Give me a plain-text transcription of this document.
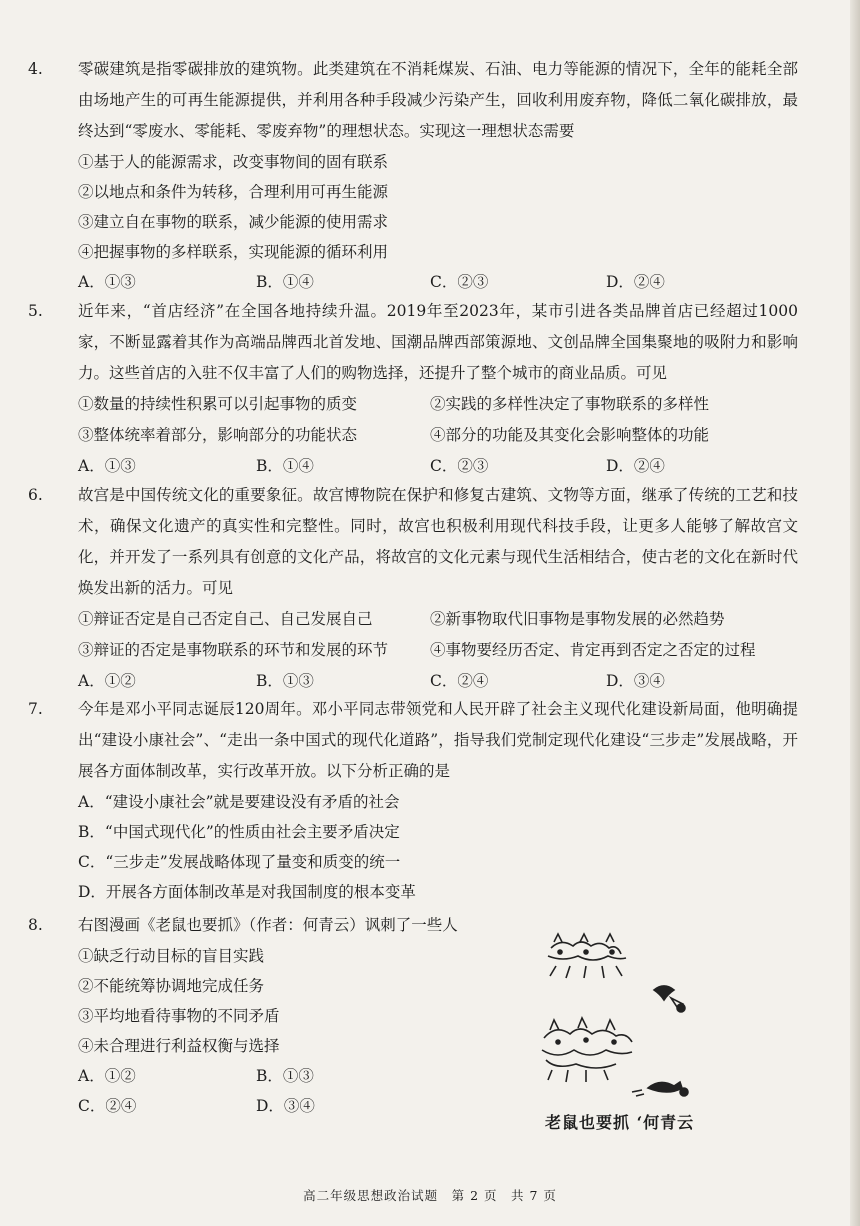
4.	零碳建筑是指零碳排放的建筑物。此类建筑在不消耗煤炭、石油、电力等能源的情况下，全年的能耗全部由场地产生的可再生能源提供，并利用各种手段减少污染产生，回收利用废弃物，降低二氧化碳排放，最终达到“零废水、零能耗、零废弃物”的理想状态。实现这一理想状态需要
①基于人的能源需求，改变事物间的固有联系
②以地点和条件为转移，合理利用可再生能源
③建立自在事物的联系，减少能源的使用需求
④把握事物的多样联系，实现能源的循环利用
A．①③	B．①④	C．②③	D．②④
5.	近年来，“首店经济”在全国各地持续升温。2019年至2023年，某市引进各类品牌首店已经超过1000家，不断显露着其作为高端品牌西北首发地、国潮品牌西部策源地、文创品牌全国集聚地的吸附力和影响力。这些首店的入驻不仅丰富了人们的购物选择，还提升了整个城市的商业品质。可见
①数量的持续性积累可以引起事物的质变	②实践的多样性决定了事物联系的多样性
③整体统率着部分，影响部分的功能状态	④部分的功能及其变化会影响整体的功能
A．①③	B．①④	C．②③	D．②④
6.	故宫是中国传统文化的重要象征。故宫博物院在保护和修复古建筑、文物等方面，继承了传统的工艺和技术，确保文化遗产的真实性和完整性。同时，故宫也积极利用现代科技手段，让更多人能够了解故宫文化，并开发了一系列具有创意的文化产品，将故宫的文化元素与现代生活相结合，使古老的文化在新时代焕发出新的活力。可见
①辩证否定是自己否定自己、自己发展自己	②新事物取代旧事物是事物发展的必然趋势
③辩证的否定是事物联系的环节和发展的环节	④事物要经历否定、肯定再到否定之否定的过程
A．①②	B．①③	C．②④	D．③④
7.	今年是邓小平同志诞辰120周年。邓小平同志带领党和人民开辟了社会主义现代化建设新局面，他明确提出“建设小康社会”、“走出一条中国式的现代化道路”，指导我们党制定现代化建设“三步走”发展战略，开展各方面体制改革，实行改革开放。以下分析正确的是
A．“建设小康社会”就是要建设没有矛盾的社会
B．“中国式现代化”的性质由社会主要矛盾决定
C．“三步走”发展战略体现了量变和质变的统一
D．开展各方面体制改革是对我国制度的根本变革
8.	右图漫画《老鼠也要抓》（作者：何青云）讽刺了一些人
①缺乏行动目标的盲目实践
②不能统筹协调地完成任务
③平均地看待事物的不同矛盾
④未合理进行利益权衡与选择
A．①②	B．①③
C．②④	D．③④
老鼠也要抓 ‘何青云
高二年级思想政治试题　第 2 页　共 7 页
